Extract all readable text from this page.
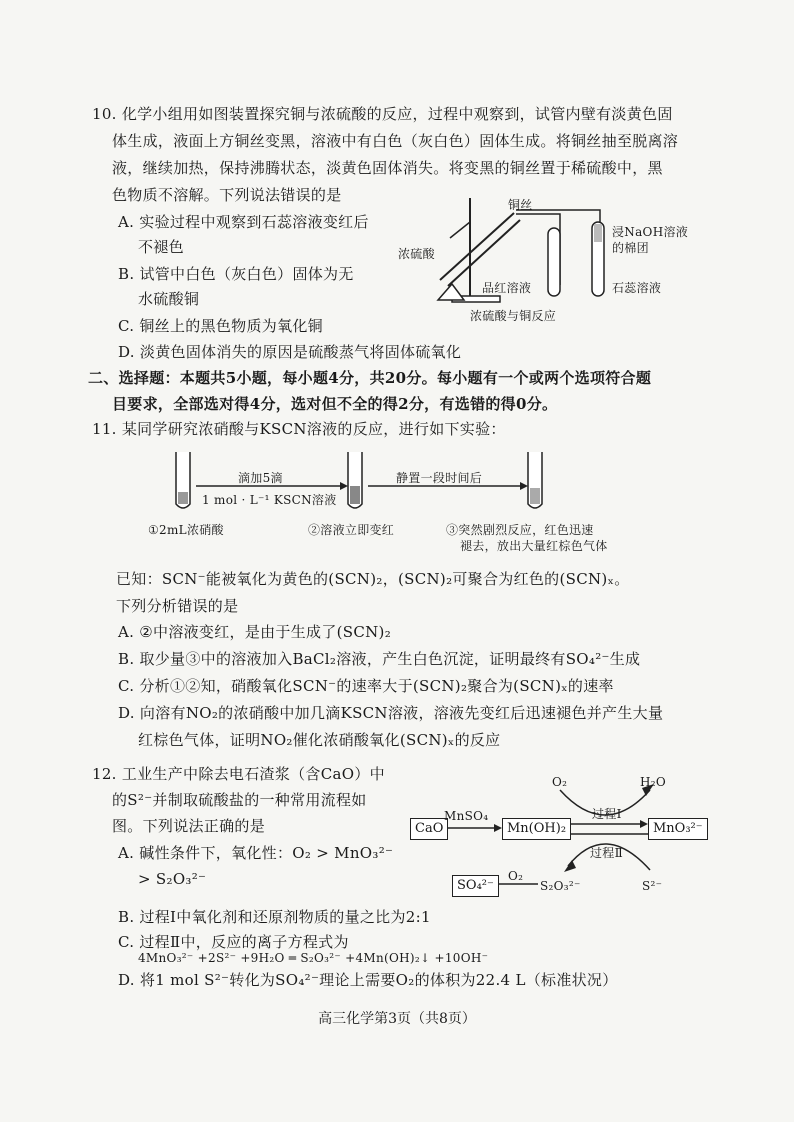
10. 化学小组用如图装置探究铜与浓硫酸的反应，过程中观察到，试管内壁有淡黄色固
体生成，液面上方铜丝变黑，溶液中有白色（灰白色）固体生成。将铜丝抽至脱离溶
液，继续加热，保持沸腾状态，淡黄色固体消失。将变黑的铜丝置于稀硫酸中，黑
色物质不溶解。下列说法错误的是
A. 实验过程中观察到石蕊溶液变红后
不褪色
B. 试管中白色（灰白色）固体为无
水硫酸铜
C. 铜丝上的黑色物质为氧化铜
D. 淡黄色固体消失的原因是硫酸蒸气将固体硫氧化
铜丝
浸NaOH溶液
的棉团
浓硫酸
品红溶液	石蕊溶液
浓硫酸与铜反应
二、选择题：本题共5小题，每小题4分，共20分。每小题有一个或两个选项符合题
目要求，全部选对得4分，选对但不全的得2分，有选错的得0分。
11. 某同学研究浓硝酸与KSCN溶液的反应，进行如下实验：
滴加5滴
1 mol · L⁻¹ KSCN溶液
静置一段时间后
①2mL浓硝酸	②溶液立即变红	③突然剧烈反应，红色迅速
褪去，放出大量红棕色气体
已知：SCN⁻能被氧化为黄色的(SCN)₂，(SCN)₂可聚合为红色的(SCN)ₓ。
下列分析错误的是
A. ②中溶液变红，是由于生成了(SCN)₂
B. 取少量③中的溶液加入BaCl₂溶液，产生白色沉淀，证明最终有SO₄²⁻生成
C. 分析①②知，硝酸氧化SCN⁻的速率大于(SCN)₂聚合为(SCN)ₓ的速率
D. 向溶有NO₂的浓硝酸中加几滴KSCN溶液，溶液先变红后迅速褪色并产生大量
红棕色气体，证明NO₂催化浓硝酸氧化(SCN)ₓ的反应
12. 工业生产中除去电石渣浆（含CaO）中
的S²⁻并制取硫酸盐的一种常用流程如
图。下列说法正确的是
A. 碱性条件下，氧化性：O₂ > MnO₃²⁻
> S₂O₃²⁻
B. 过程Ⅰ中氧化剂和还原剂物质的量之比为2:1
C. 过程Ⅱ中，反应的离子方程式为
4MnO₃²⁻ +2S²⁻ +9H₂O ═ S₂O₃²⁻ +4Mn(OH)₂↓ +10OH⁻
D. 将1 mol S²⁻转化为SO₄²⁻理论上需要O₂的体积为22.4 L（标准状况）
CaO
MnSO₄
Mn(OH)₂	MnO₃²⁻
O₂	H₂O
过程Ⅰ
过程Ⅱ
SO₄²⁻
O₂
S₂O₃²⁻	S²⁻
高三化学第3页（共8页）
